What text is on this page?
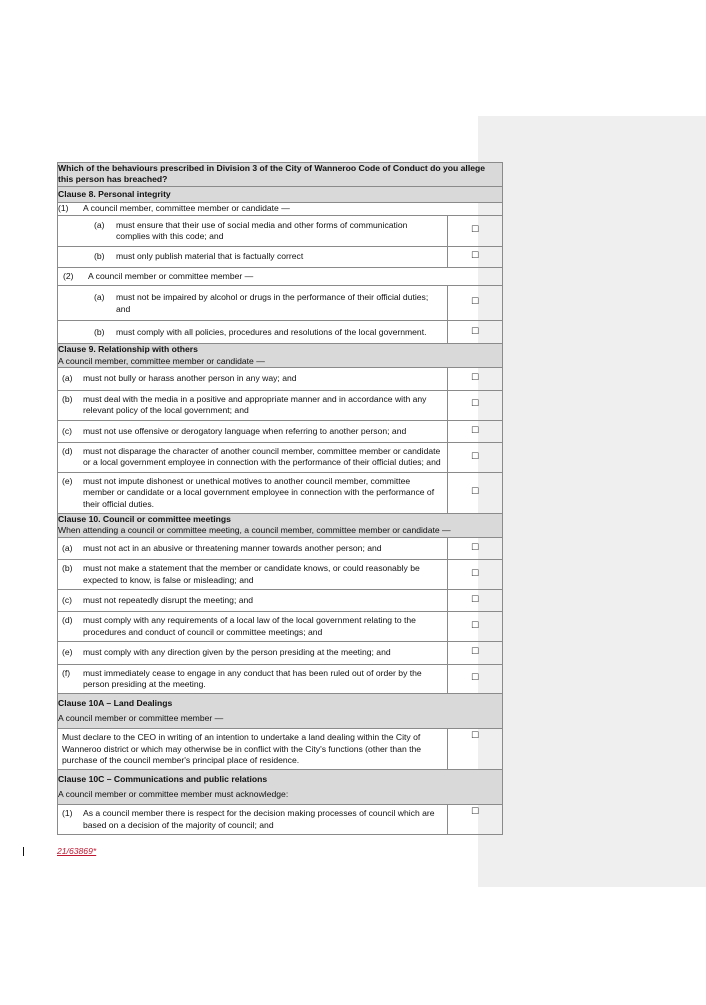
Which of the behaviours prescribed in Division 3 of the City of Wanneroo Code of Conduct do you allege this person has breached?	
Clause 8. Personal integrity	
(1) A council member, committee member or candidate —	

(a) must ensure that their use of social media and other forms of communication complies with this code; and	☐

(b) must only publish material that is factually correct	☐
(2) A council member or committee member —	

(a) must not be impaired by alcohol or drugs in the performance of their official duties; and	☐

(b) must comply with all policies, procedures and resolutions of the local government.	☐

Clause 9. Relationship with others
A council member, committee member or candidate —	

(a) must not bully or harass another person in any way; and	☐

(b) must deal with the media in a positive and appropriate manner and in accordance with any relevant policy of the local government; and	☐

(c) must not use offensive or derogatory language when referring to another person; and	☐

(d) must not disparage the character of another council member, committee member or candidate or a local government employee in connection with the performance of their official duties; and	☐

(e) must not impute dishonest or unethical motives to another council member, committee member or candidate or a local government employee in connection with the performance of their official duties.	☐

Clause 10. Council or committee meetings
When attending a council or committee meeting, a council member, committee member or candidate —	

(a) must not act in an abusive or threatening manner towards another person; and	☐

(b) must not make a statement that the member or candidate knows, or could reasonably be expected to know, is false or misleading; and	☐

(c) must not repeatedly disrupt the meeting; and	☐

(d) must comply with any requirements of a local law of the local government relating to the procedures and conduct of council or committee meetings; and	☐

(e) must comply with any direction given by the person presiding at the meeting; and	☐

(f) must immediately cease to engage in any conduct that has been ruled out of order by the person presiding at the meeting.	☐

Clause 10A – Land Dealings
A council member or committee member —	

Must declare to the CEO in writing of an intention to undertake a land dealing within the City of Wanneroo district or which may otherwise be in conflict with the City's functions (other than the purchase of the council member's principal place of residence.	☐

Clause 10C – Communications and public relations
A council member or committee member must acknowledge:	

(1) As a council member there is respect for the decision making processes of council which are based on a decision of the majority of council; and	☐
21/63869*
